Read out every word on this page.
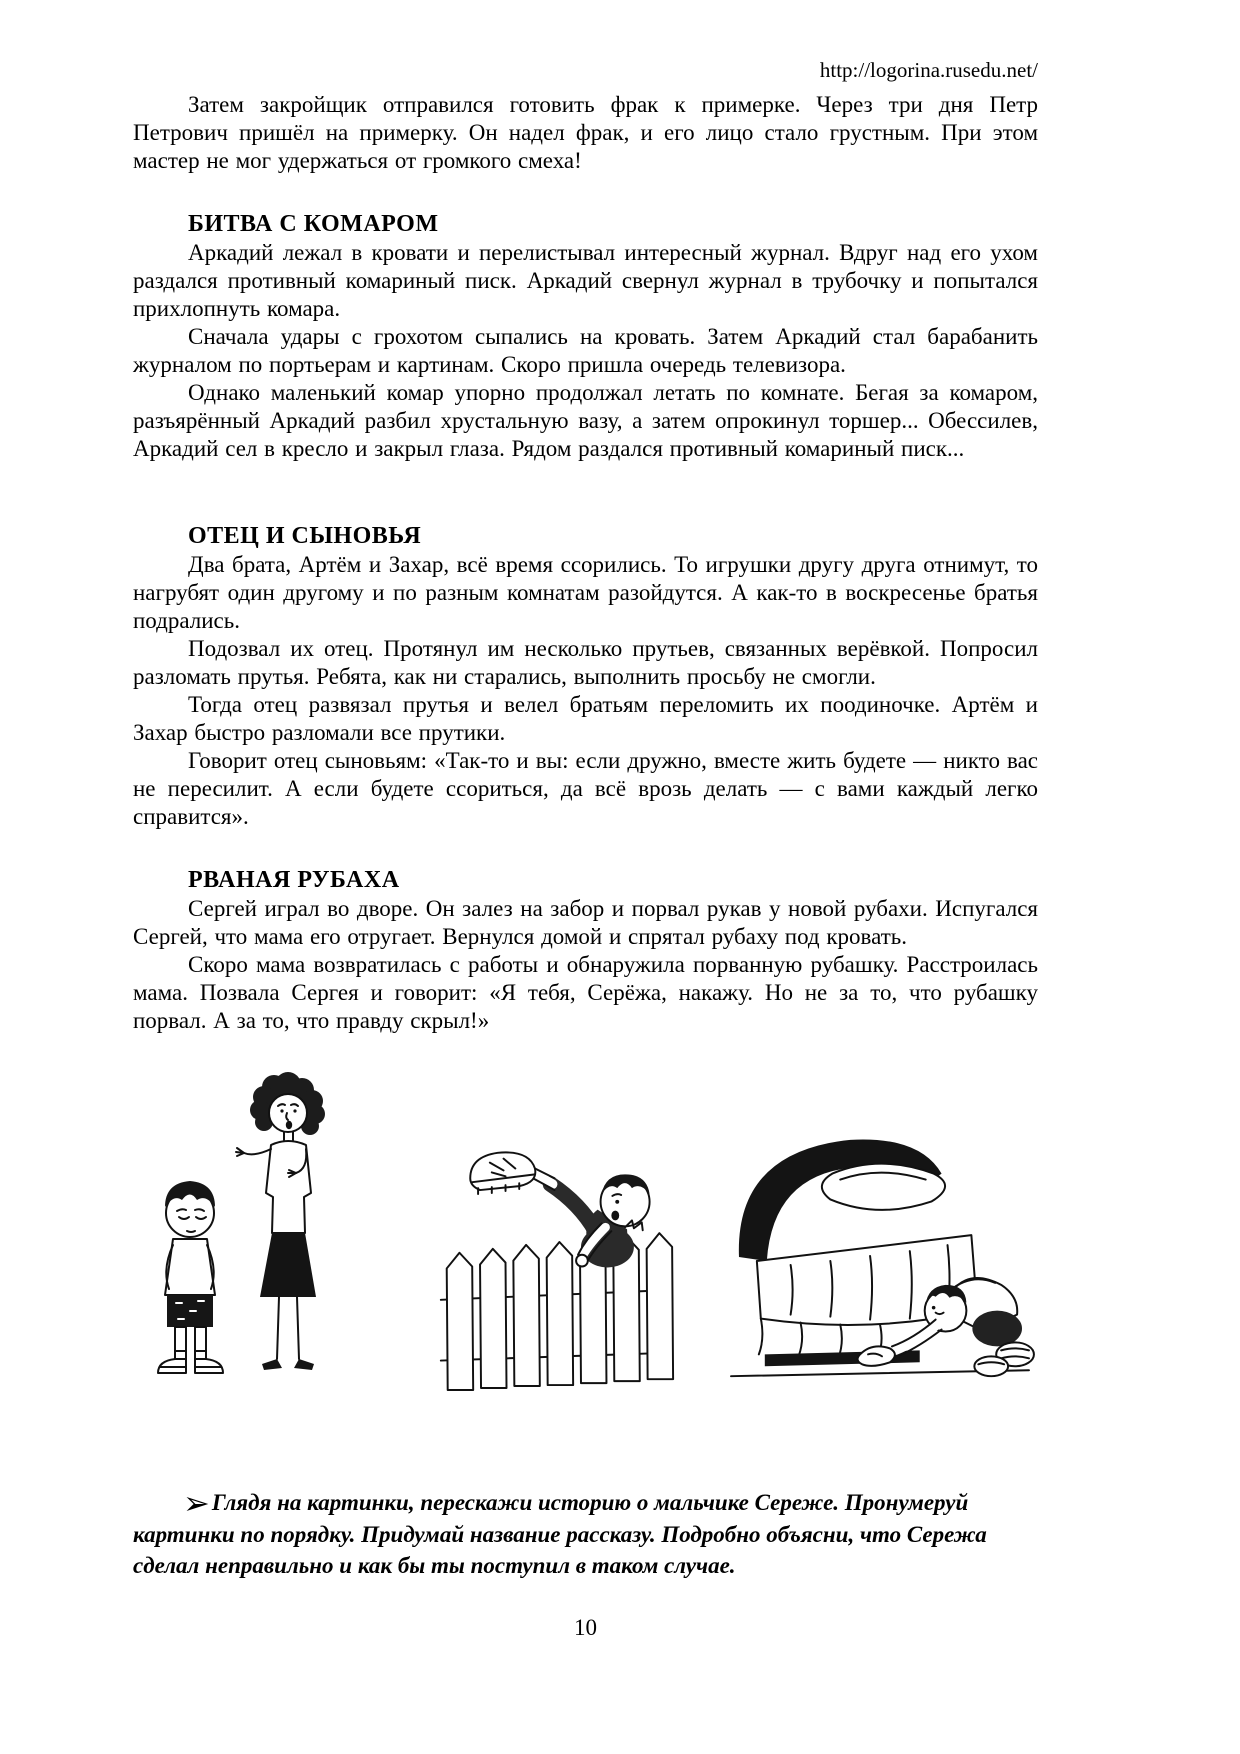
http://logorina.rusedu.net/

Затем закройщик отправился готовить фрак к примерке. Через три дня Петр Петрович пришёл на примерку. Он надел фрак, и его лицо стало грустным. При этом мастер не мог удержаться от громкого смеха!

БИТВА С КОМАРОМ

Аркадий лежал в кровати и перелистывал интересный журнал. Вдруг над его ухом раздался противный комариный писк. Аркадий свернул журнал в трубочку и попытался прихлопнуть комара.

Сначала удары с грохотом сыпались на кровать. Затем Аркадий стал барабанить журналом по портьерам и картинам. Скоро пришла очередь телевизора.

Однако маленький комар упорно продолжал летать по комнате. Бегая за комаром, разъярённый Аркадий разбил хрустальную вазу, а затем опрокинул торшер... Обессилев, Аркадий сел в кресло и закрыл глаза. Рядом раздался противный комариный писк...

ОТЕЦ И СЫНОВЬЯ

Два брата, Артём и Захар, всё время ссорились. То игрушки другу друга отнимут, то нагрубят один другому и по разным комнатам разойдутся. А как-то в воскресенье братья подрались.

Подозвал их отец. Протянул им несколько прутьев, связанных верёвкой. Попросил разломать прутья. Ребята, как ни старались, выполнить просьбу не смогли.

Тогда отец развязал прутья и велел братьям переломить их поодиночке. Артём и Захар быстро разломали все прутики.

Говорит отец сыновьям: «Так-то и вы: если дружно, вместе жить будете — никто вас не пересилит. А если будете ссориться, да всё врозь делать — с вами каждый легко справится».

РВАНАЯ РУБАХА

Сергей играл во дворе. Он залез на забор и порвал рукав у новой рубахи. Испугался Сергей, что мама его отругает. Вернулся домой и спрятал рубаху под кровать.

Скоро мама возвратилась с работы и обнаружила порванную рубашку. Расстроилась мама. Позвала Сергея и говорит: «Я тебя, Серёжа, накажу. Но не за то, что рубашку порвал. А за то, что правду скрыл!»

➢Глядя на картинки, перескажи историю о мальчике Сереже. Пронумеруй картинки по порядку. Придумай название рассказу. Подробно объясни, что Сережа сделал неправильно и как бы ты поступил в таком случае.
10
